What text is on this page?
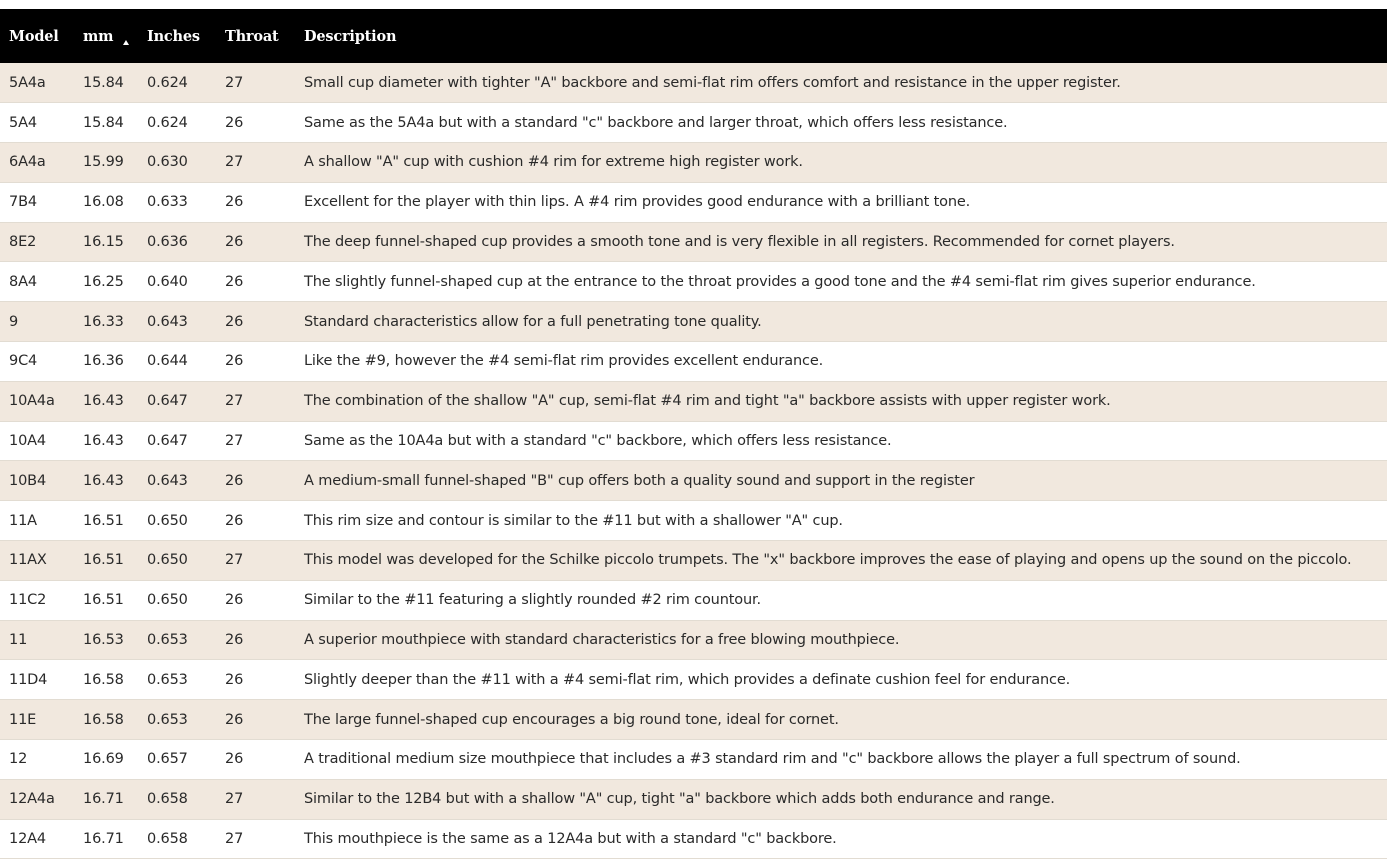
Model	mm	Inches	Throat	Description
5A4a	15.84	0.624	27	Small cup diameter with tighter "A" backbore and semi-flat rim offers comfort and resistance in the upper register.
5A4	15.84	0.624	26	Same as the 5A4a but with a standard "c" backbore and larger throat, which offers less resistance.
6A4a	15.99	0.630	27	A shallow "A" cup with cushion #4 rim for extreme high register work.
7B4	16.08	0.633	26	Excellent for the player with thin lips. A #4 rim provides good endurance with a brilliant tone.
8E2	16.15	0.636	26	The deep funnel-shaped cup provides a smooth tone and is very flexible in all registers. Recommended for cornet players.
8A4	16.25	0.640	26	The slightly funnel-shaped cup at the entrance to the throat provides a good tone and the #4 semi-flat rim gives superior endurance.
9	16.33	0.643	26	Standard characteristics allow for a full penetrating tone quality.
9C4	16.36	0.644	26	Like the #9, however the #4 semi-flat rim provides excellent endurance.
10A4a	16.43	0.647	27	The combination of the shallow "A" cup, semi-flat #4 rim and tight "a" backbore assists with upper register work.
10A4	16.43	0.647	27	Same as the 10A4a but with a standard "c" backbore, which offers less resistance.
10B4	16.43	0.643	26	A medium-small funnel-shaped "B" cup offers both a quality sound and support in the register
11A	16.51	0.650	26	This rim size and contour is similar to the #11 but with a shallower "A" cup.
11AX	16.51	0.650	27	This model was developed for the Schilke piccolo trumpets. The "x" backbore improves the ease of playing and opens up the sound on the piccolo.
11C2	16.51	0.650	26	Similar to the #11 featuring a slightly rounded #2 rim countour.
11	16.53	0.653	26	A superior mouthpiece with standard characteristics for a free blowing mouthpiece.
11D4	16.58	0.653	26	Slightly deeper than the #11 with a #4 semi-flat rim, which provides a definate cushion feel for endurance.
11E	16.58	0.653	26	The large funnel-shaped cup encourages a big round tone, ideal for cornet.
12	16.69	0.657	26	A traditional medium size mouthpiece that includes a #3 standard rim and "c" backbore allows the player a full spectrum of sound.
12A4a	16.71	0.658	27	Similar to the 12B4 but with a shallow "A" cup, tight "a" backbore which adds both endurance and range.
12A4	16.71	0.658	27	This mouthpiece is the same as a 12A4a but with a standard "c" backbore.
